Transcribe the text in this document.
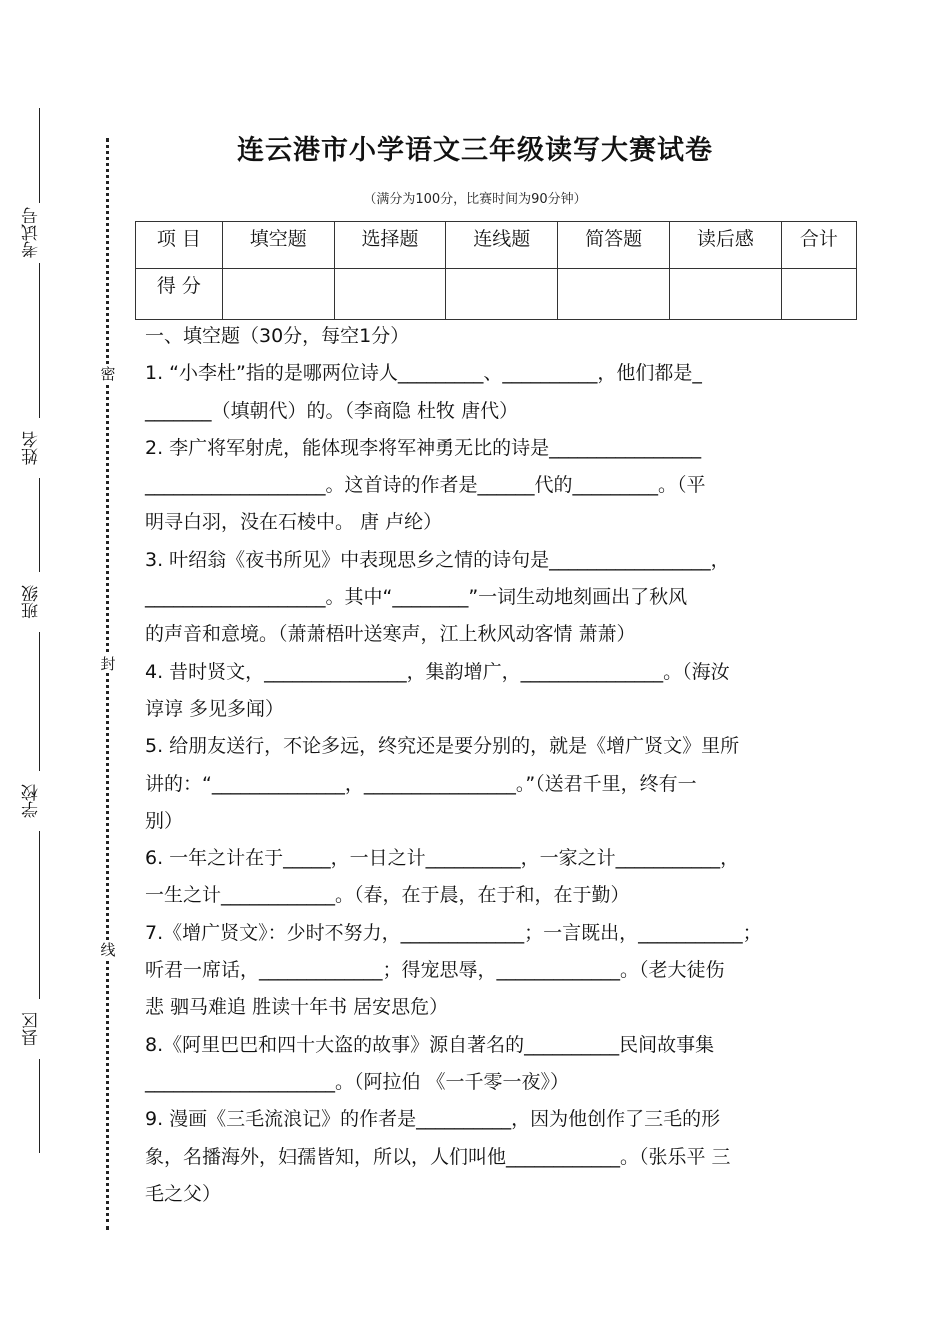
考试号
姓名
班级
学校
县区
密
封
线
连云港市小学语文三年级读写大赛试卷
（满分为100分，比赛时间为90分钟）
项 目	填空题	选择题	连线题	简答题	读后感	合计
得 分						

一、填空题（30分，每空1分）

1. “小李杜”指的是哪两位诗人_________、__________，他们都是_

_______（填朝代）的。（李商隐 杜牧 唐代）

2. 李广将军射虎，能体现李将军神勇无比的诗是________________

___________________。这首诗的作者是______代的_________。（平

明寻白羽，没在石棱中。 唐 卢纶）

3. 叶绍翁《夜书所见》中表现思乡之情的诗句是_________________，

___________________。其中“________”一词生动地刻画出了秋风

的声音和意境。（萧萧梧叶送寒声，江上秋风动客情 萧萧）

4. 昔时贤文，_______________，集韵增广，_______________。（海汝

谆谆 多见多闻）

5. 给朋友送行，不论多远，终究还是要分别的，就是《增广贤文》里所

讲的：“______________，________________。”（送君千里，终有一

别）

6. 一年之计在于_____，一日之计__________，一家之计___________，

一生之计____________。（春，在于晨，在于和，在于勤）

7.《增广贤文》：少时不努力，_____________；一言既出，___________；

听君一席话，_____________；得宠思辱，_____________。（老大徒伤

悲 驷马难追 胜读十年书 居安思危）

8.《阿里巴巴和四十大盗的故事》源自著名的__________民间故事集

____________________。（阿拉伯 《一千零一夜》）

9. 漫画《三毛流浪记》的作者是__________，因为他创作了三毛的形

象，名播海外，妇孺皆知，所以，人们叫他____________。（张乐平 三

毛之父）
